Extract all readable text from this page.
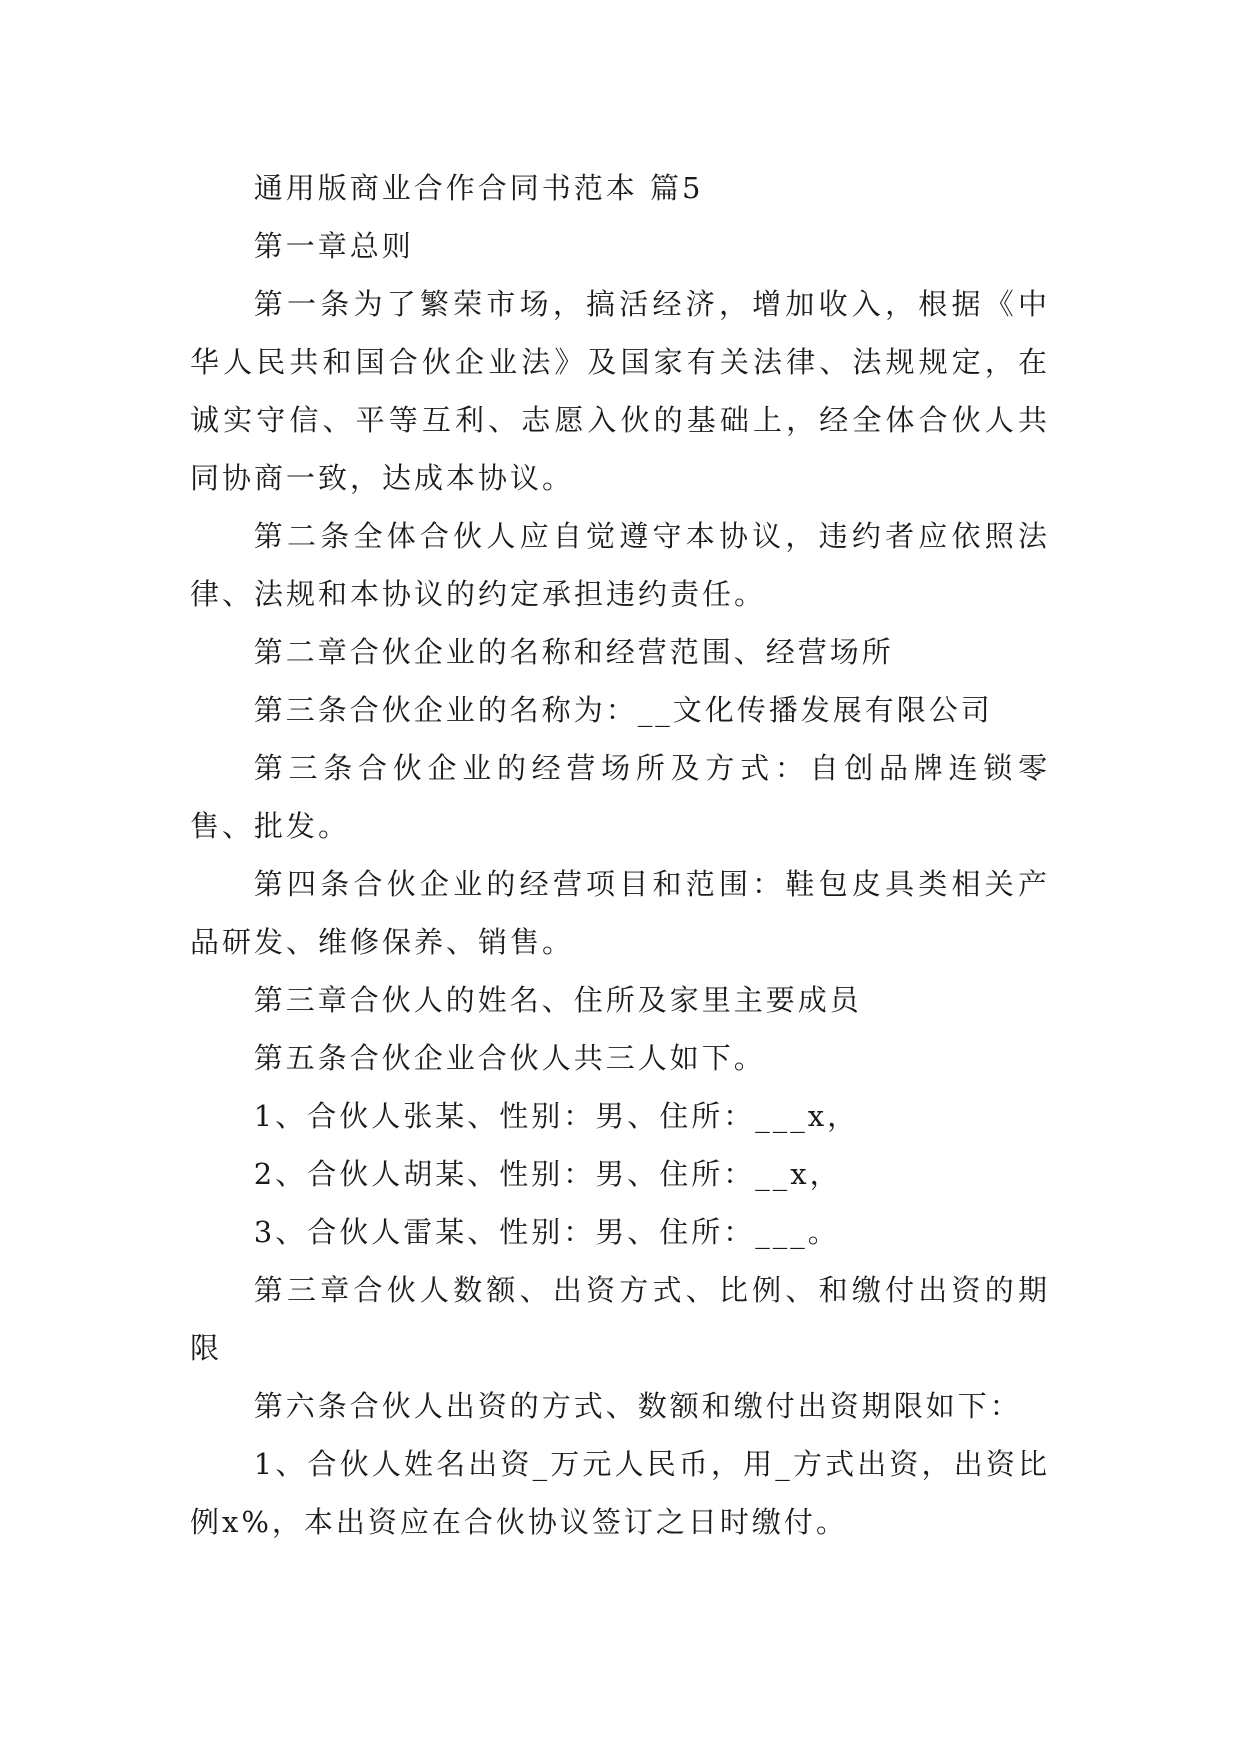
通用版商业合作合同书范本 篇5

第一章总则

第一条为了繁荣市场，搞活经济，增加收入，根据《中华人民共和国合伙企业法》及国家有关法律、法规规定，在诚实守信、平等互利、志愿入伙的基础上，经全体合伙人共同协商一致，达成本协议。

第二条全体合伙人应自觉遵守本协议，违约者应依照法律、法规和本协议的约定承担违约责任。

第二章合伙企业的名称和经营范围、经营场所

第三条合伙企业的名称为：__文化传播发展有限公司

第三条合伙企业的经营场所及方式：自创品牌连锁零售、批发。

第四条合伙企业的经营项目和范围：鞋包皮具类相关产品研发、维修保养、销售。

第三章合伙人的姓名、住所及家里主要成员

第五条合伙企业合伙人共三人如下。

1、合伙人张某、性别：男、住所：___x，

2、合伙人胡某、性别：男、住所：__x，

3、合伙人雷某、性别：男、住所：___。

第三章合伙人数额、出资方式、比例、和缴付出资的期限

第六条合伙人出资的方式、数额和缴付出资期限如下：

1、合伙人姓名出资_万元人民币，用_方式出资，出资比例x%，本出资应在合伙协议签订之日时缴付。
